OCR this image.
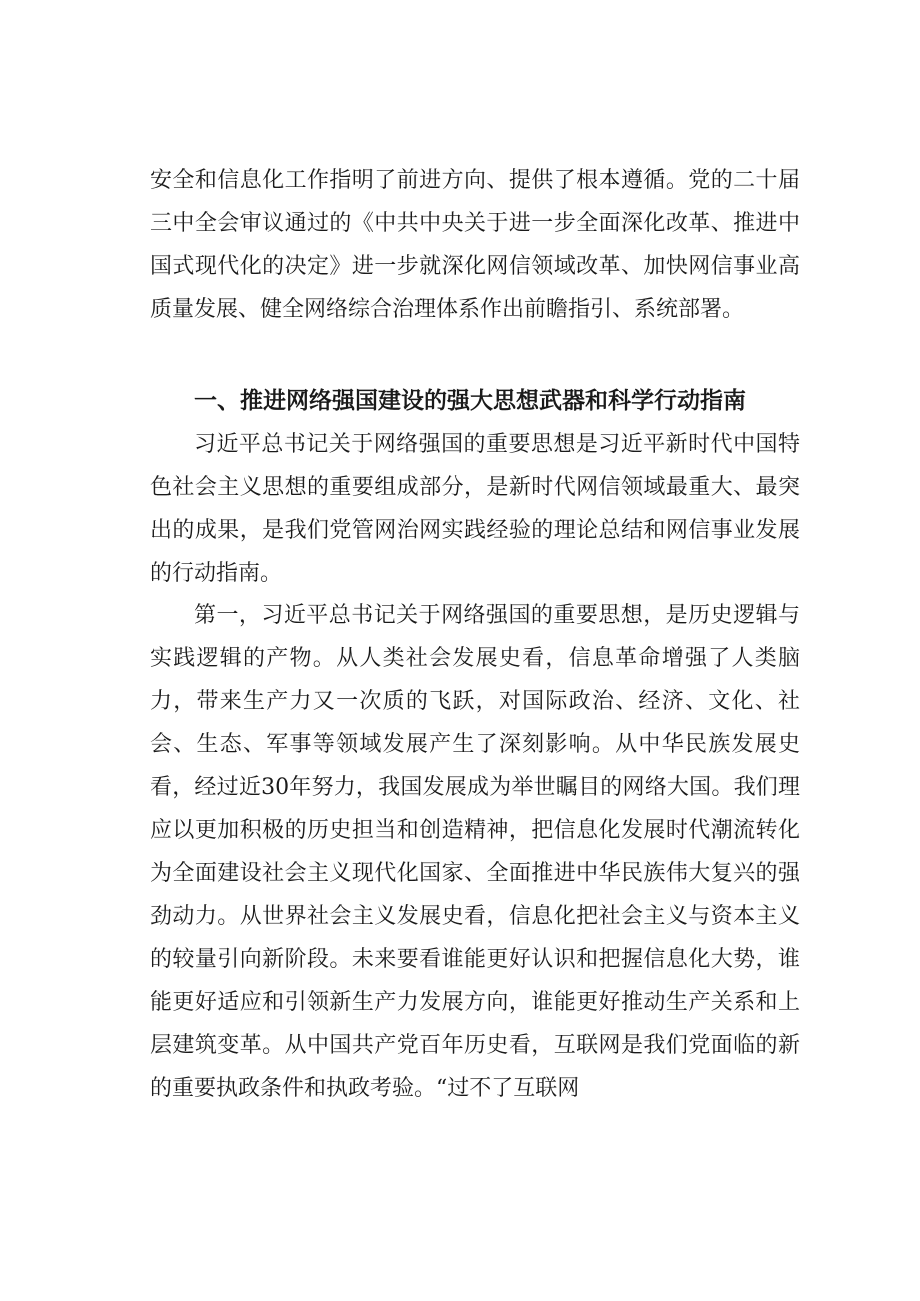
安全和信息化工作指明了前进方向、提供了根本遵循。党的二十届三中全会审议通过的《中共中央关于进一步全面深化改革、推进中国式现代化的决定》进一步就深化网信领域改革、加快网信事业高质量发展、健全网络综合治理体系作出前瞻指引、系统部署。

一、推进网络强国建设的强大思想武器和科学行动指南

习近平总书记关于网络强国的重要思想是习近平新时代中国特色社会主义思想的重要组成部分，是新时代网信领域最重大、最突出的成果，是我们党管网治网实践经验的理论总结和网信事业发展的行动指南。

第一，习近平总书记关于网络强国的重要思想，是历史逻辑与实践逻辑的产物。从人类社会发展史看，信息革命增强了人类脑力，带来生产力又一次质的飞跃，对国际政治、经济、文化、社会、生态、军事等领域发展产生了深刻影响。从中华民族发展史看，经过近30年努力，我国发展成为举世瞩目的网络大国。我们理应以更加积极的历史担当和创造精神，把信息化发展时代潮流转化为全面建设社会主义现代化国家、全面推进中华民族伟大复兴的强劲动力。从世界社会主义发展史看，信息化把社会主义与资本主义的较量引向新阶段。未来要看谁能更好认识和把握信息化大势，谁能更好适应和引领新生产力发展方向，谁能更好推动生产关系和上层建筑变革。从中国共产党百年历史看，互联网是我们党面临的新的重要执政条件和执政考验。“过不了互联网
